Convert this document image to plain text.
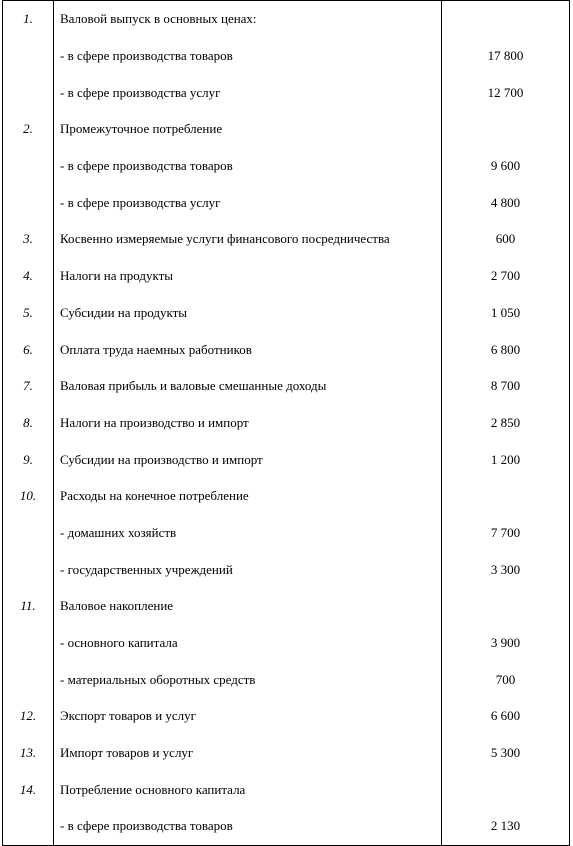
1.	Валовой выпуск в основных ценах:	
	- в сфере производства товаров	17 800
	- в сфере производства услуг	12 700
2.	Промежуточное потребление	
	- в сфере производства товаров	9 600
	- в сфере производства услуг	4 800
3.	Косвенно измеряемые услуги финансового посредничества	600
4.	Налоги на продукты	2 700
5.	Субсидии на продукты	1 050
6.	Оплата труда наемных работников	6 800
7.	Валовая прибыль и валовые смешанные доходы	8 700
8.	Налоги на производство и импорт	2 850
9.	Субсидии на производство и импорт	1 200
10.	Расходы на конечное потребление	
	- домашних хозяйств	7 700
	- государственных учреждений	3 300
11.	Валовое накопление	
	- основного капитала	3 900
	- материальных оборотных средств	700
12.	Экспорт товаров и услуг	6 600
13.	Импорт товаров и услуг	5 300
14.	Потребление основного капитала	
	- в сфере производства товаров	2 130
